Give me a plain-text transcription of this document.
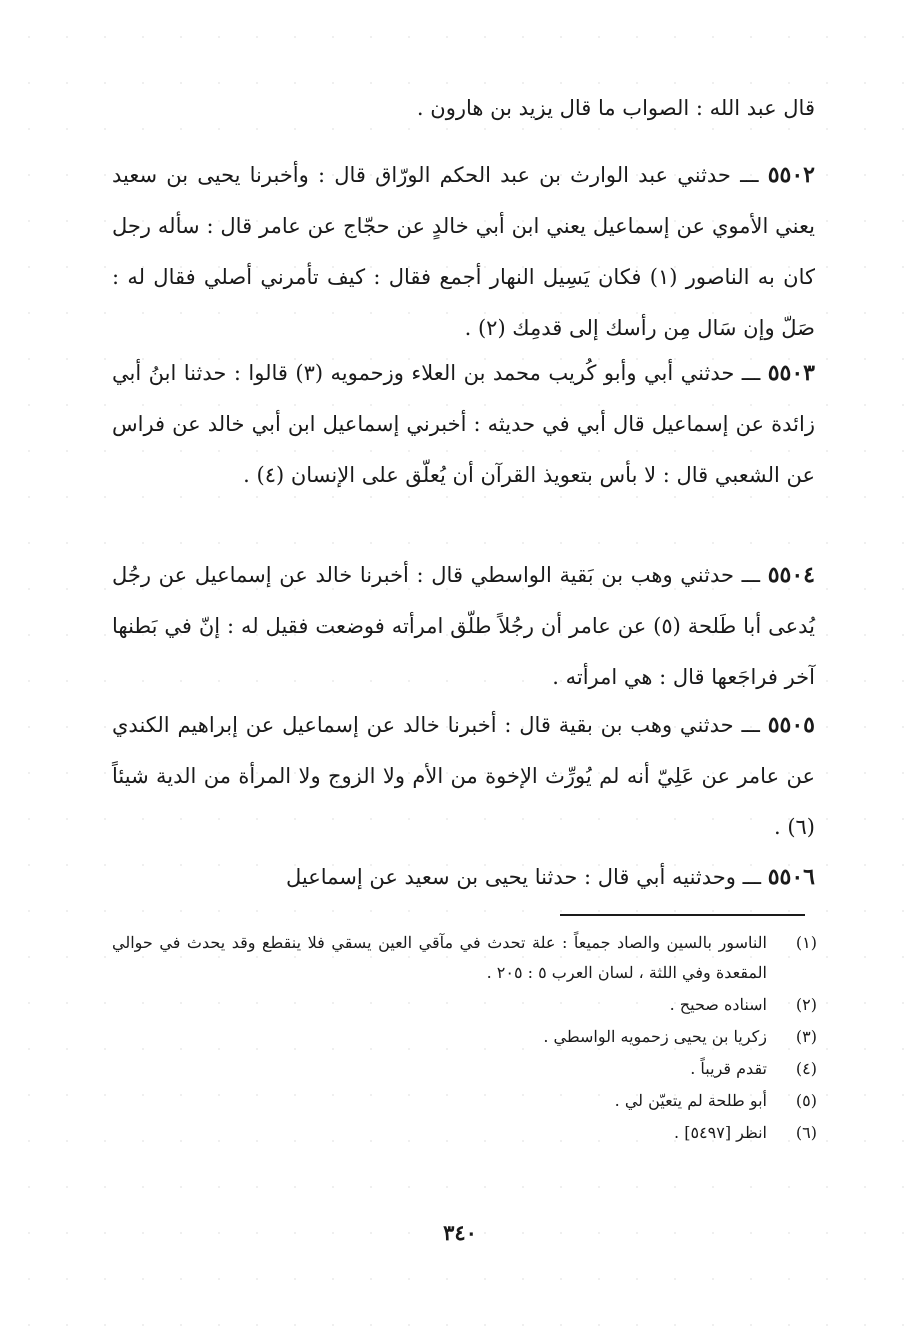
قال عبد الله : الصواب ما قال يزيد بن هارون .
٥٥٠٢ ـــ حدثني عبد الوارث بن عبد الحكم الورّاق قال : وأخبرنا يحيى بن سعيد يعني الأموي عن إسماعيل يعني ابن أبي خالدٍ عن حجّاج عن عامر قال : سأله رجل كان به الناصور (١) فكان يَسِيل النهار أجمع فقال : كيف تأمرني أصلي فقال له : صَلّ وإن سَال مِن رأسك إلى قدمِك (٢) .
٥٥٠٣ ـــ حدثني أبي وأبو كُريب محمد بن العلاء وزحمويه (٣) قالوا : حدثنا ابنُ أبي زائدة عن إسماعيل قال أبي في حديثه : أخبرني إسماعيل ابن أبي خالد عن فراس عن الشعبي قال : لا بأس بتعويذ القرآن أن يُعلّق على الإنسان (٤) .
٥٥٠٤ ـــ حدثني وهب بن بَقية الواسطي قال : أخبرنا خالد عن إسماعيل عن رجُل يُدعى أبا طَلحة (٥) عن عامر أن رجُلاً طلّق امرأته فوضعت فقيل له : إنّ في بَطنها آخر فراجَعها قال : هي امرأته .
٥٥٠٥ ـــ حدثني وهب بن بقية قال : أخبرنا خالد عن إسماعيل عن إبراهيم الكندي عن عامر عن عَلِيّ أنه لم يُورِّث الإخوة من الأم ولا الزوج ولا المرأة من الدية شيئاً (٦) .
٥٥٠٦ ـــ وحدثنيه أبي قال : حدثنا يحيى بن سعيد عن إسماعيل
(١)
الناسور بالسين والصاد جميعاً : علة تحدث في مآقي العين يسقي فلا ينقطع وقد يحدث في حوالي المقعدة وفي اللثة ، لسان العرب ٥ : ٢٠٥ .
(٢)
اسناده صحيح .
(٣)
زكريا بن يحيى زحمويه الواسطي .
(٤)
تقدم قريباً .
(٥)
أبو طلحة لم يتعيّن لي .
(٦)
انظر [٥٤٩٧] .
٣٤٠
